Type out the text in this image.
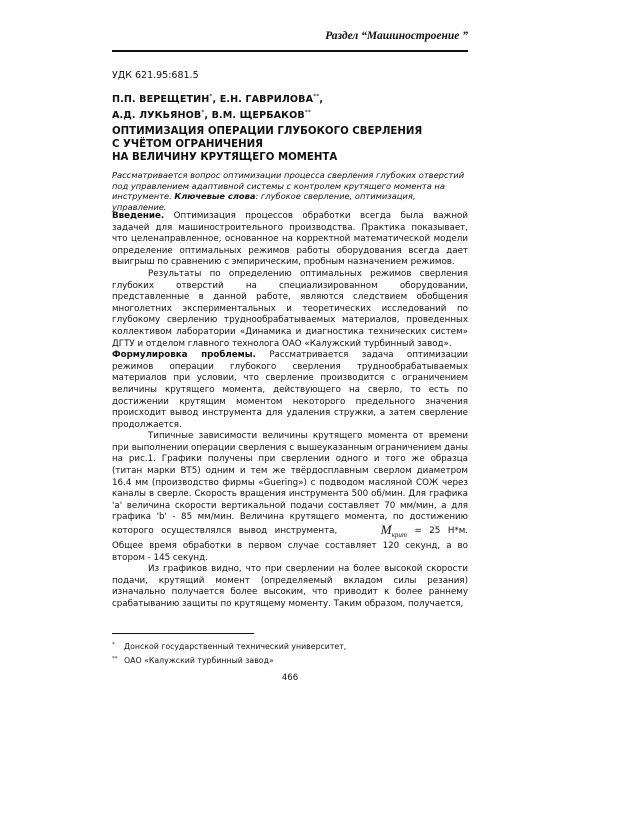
Раздел “Машиностроение ”
УДК 621.95:681.5
П.П. ВЕРЕЩЕТИН*, Е.Н. ГАВРИЛОВА**,
А.Д. ЛУКЬЯНОВ*, В.М. ЩЕРБАКОВ**
ОПТИМИЗАЦИЯ ОПЕРАЦИИ ГЛУБОКОГО СВЕРЛЕНИЯ
С УЧЁТОМ ОГРАНИЧЕНИЯ
НА ВЕЛИЧИНУ КРУТЯЩЕГО МОМЕНТА
Рассматривается вопрос оптимизации процесса сверления глубоких отверстий под управлением адаптивной системы с контролем крутящего момента на инструменте. Ключевые слова: глубокое сверление, оптимизация, управление.

Введение. Оптимизация процессов обработки всегда была важной задачей для машиностроительного производства. Практика показывает, что целенаправленное, основанное на корректной математической модели определение оптимальных режимов работы оборудования всегда дает выигрыш по сравнению с эмпирическим, пробным назначением режимов.

Результаты по определению оптимальных режимов сверления глубоких отверстий на специализированном оборудовании, представленные в данной работе, являются следствием обобщения многолетних экспериментальных и теоретических исследований по глубокому сверлению труднообрабатываемых материалов, проведенных коллективом лаборатории «Динамика и диагностика технических систем» ДГТУ и отделом главного технолога ОАО «Калужский турбинный завод».

Формулировка проблемы. Рассматривается задача оптимизации режимов операции глубокого сверления труднообрабатываемых материалов при условии, что сверление производится с ограничением величины крутящего момента, действующего на сверло, то есть по достижении крутящим моментом некоторого предельного значения происходит вывод инструмента для удаления стружки, а затем сверление продолжается.

Типичные зависимости величины крутящего момента от времени при выполнении операции сверления с вышеуказанным ограничением даны на рис.1. Графики получены при сверлении одного и того же образца (титан марки ВТ5) одним и тем же твёрдосплавным сверлом диаметром 16.4 мм (производство фирмы «Guering») с подводом масляной СОЖ через каналы в сверле. Скорость вращения инструмента 500 об/мин. Для графика 'a' величина скорости вертикальной подачи составляет 70 мм/мин, а для графика 'b' - 85 мм/мин. Величина крутящего момента, по достижению которого осуществлялся вывод инструмента,	$M_{крит} = 25$ Н*м. Общее время обработки в первом случае составляет 120 секунд, а во втором - 145 секунд.

Из графиков видно, что при сверлении на более высокой скорости подачи, крутящий момент (определяемый вкладом силы резания) изначально получается более высоким, что приводит к более раннему срабатыванию защиты по крутящему моменту. Таким образом, получается,

* Донской государственный технический университет,
** ОАО «Калужский турбинный завод»
466
